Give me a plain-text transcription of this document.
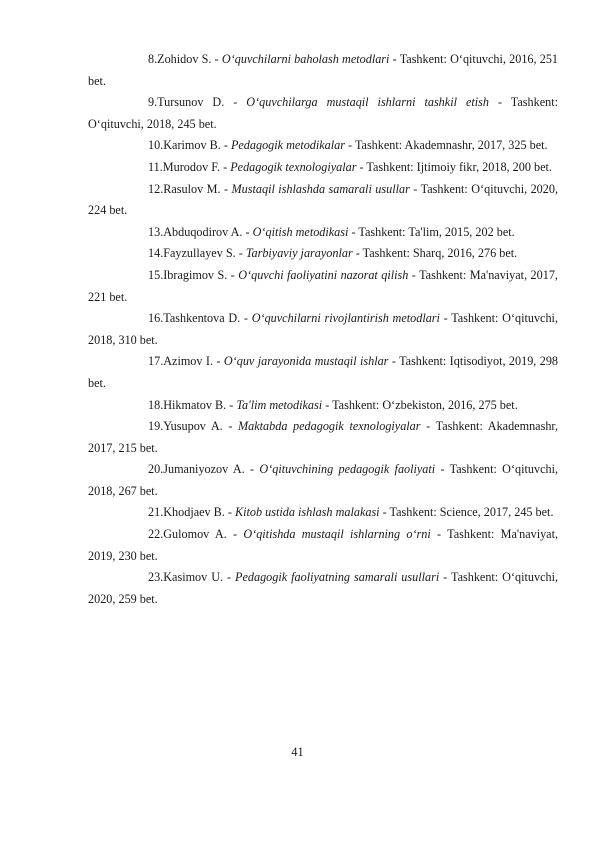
8.Zohidov S. - O‘quvchilarni baholash metodlari - Tashkent: O‘qituvchi, 2016, 251 bet.
9.Tursunov D. - O‘quvchilarga mustaqil ishlarni tashkil etish - Tashkent: O‘qituvchi, 2018, 245 bet.
10.Karimov B. - Pedagogik metodikalar - Tashkent: Akademnashr, 2017, 325 bet.
11.Murodov F. - Pedagogik texnologiyalar - Tashkent: Ijtimoiy fikr, 2018, 200 bet.
12.Rasulov M. - Mustaqil ishlashda samarali usullar - Tashkent: O‘qituvchi, 2020, 224 bet.
13.Abduqodirov A. - O‘qitish metodikasi - Tashkent: Ta'lim, 2015, 202 bet.
14.Fayzullayev S. - Tarbiyaviy jarayonlar - Tashkent: Sharq, 2016, 276 bet.
15.Ibragimov S. - O‘quvchi faoliyatini nazorat qilish - Tashkent: Ma'naviyat, 2017, 221 bet.
16.Tashkentova D. - O‘quvchilarni rivojlantirish metodlari - Tashkent: O‘qituvchi, 2018, 310 bet.
17.Azimov I. - O‘quv jarayonida mustaqil ishlar - Tashkent: Iqtisodiyot, 2019, 298 bet.
18.Hikmatov B. - Ta'lim metodikasi - Tashkent: O‘zbekiston, 2016, 275 bet.
19.Yusupov A. - Maktabda pedagogik texnologiyalar - Tashkent: Akademnashr, 2017, 215 bet.
20.Jumaniyozov A. - O‘qituvchining pedagogik faoliyati - Tashkent: O‘qituvchi, 2018, 267 bet.
21.Khodjaev B. - Kitob ustida ishlash malakasi - Tashkent: Science, 2017, 245 bet.
22.Gulomov A. - O‘qitishda mustaqil ishlarning o‘rni - Tashkent: Ma'naviyat, 2019, 230 bet.
23.Kasimov U. - Pedagogik faoliyatning samarali usullari - Tashkent: O‘qituvchi, 2020, 259 bet.
41
